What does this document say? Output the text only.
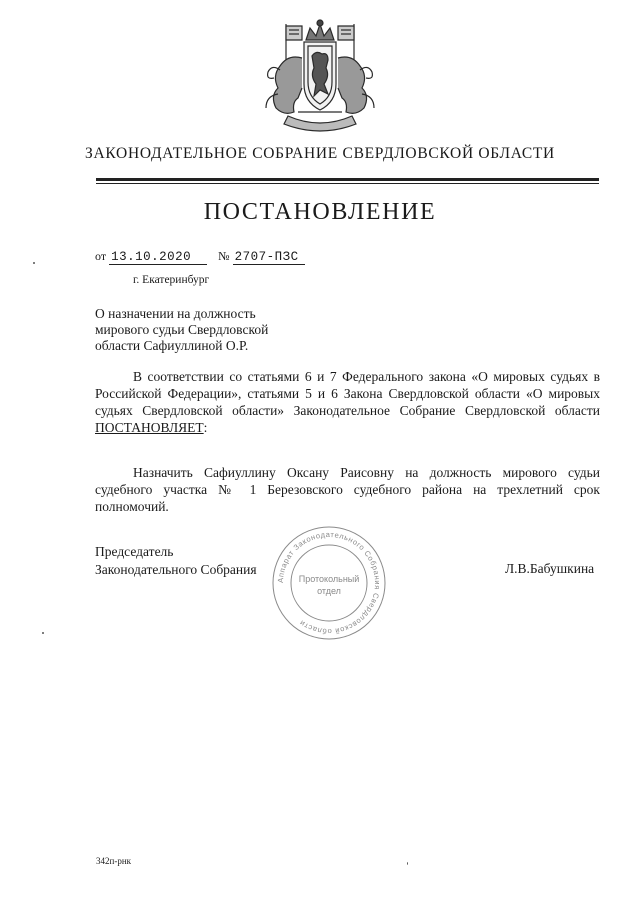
ЗАКОНОДАТЕЛЬНОЕ СОБРАНИЕ СВЕРДЛОВСКОЙ ОБЛАСТИ
ПОСТАНОВЛЕНИЕ
от 13.10.2020 № 2707-ПЗС
г. Екатеринбург
О назначении на должность
мирового судьи Свердловской
области Сафиуллиной О.Р.

В соответствии со статьями 6 и 7 Федерального закона «О мировых судьях в Российской Федерации», статьями 5 и 6 Закона Свердловской области «О мировых судьях Свердловской области» Законодательное Собрание Свердловской области ПОСТАНОВЛЯЕТ:

Назначить Сафиуллину Оксану Раисовну на должность мирового судьи судебного участка № 1 Березовского судебного района на трехлетний срок полномочий.

Председатель
Законодательного Собрания
Аппарат Законодательного Собрания Свердловской области
Протокольный
отдел
Л.В.Бабушкина
342п-рнк
